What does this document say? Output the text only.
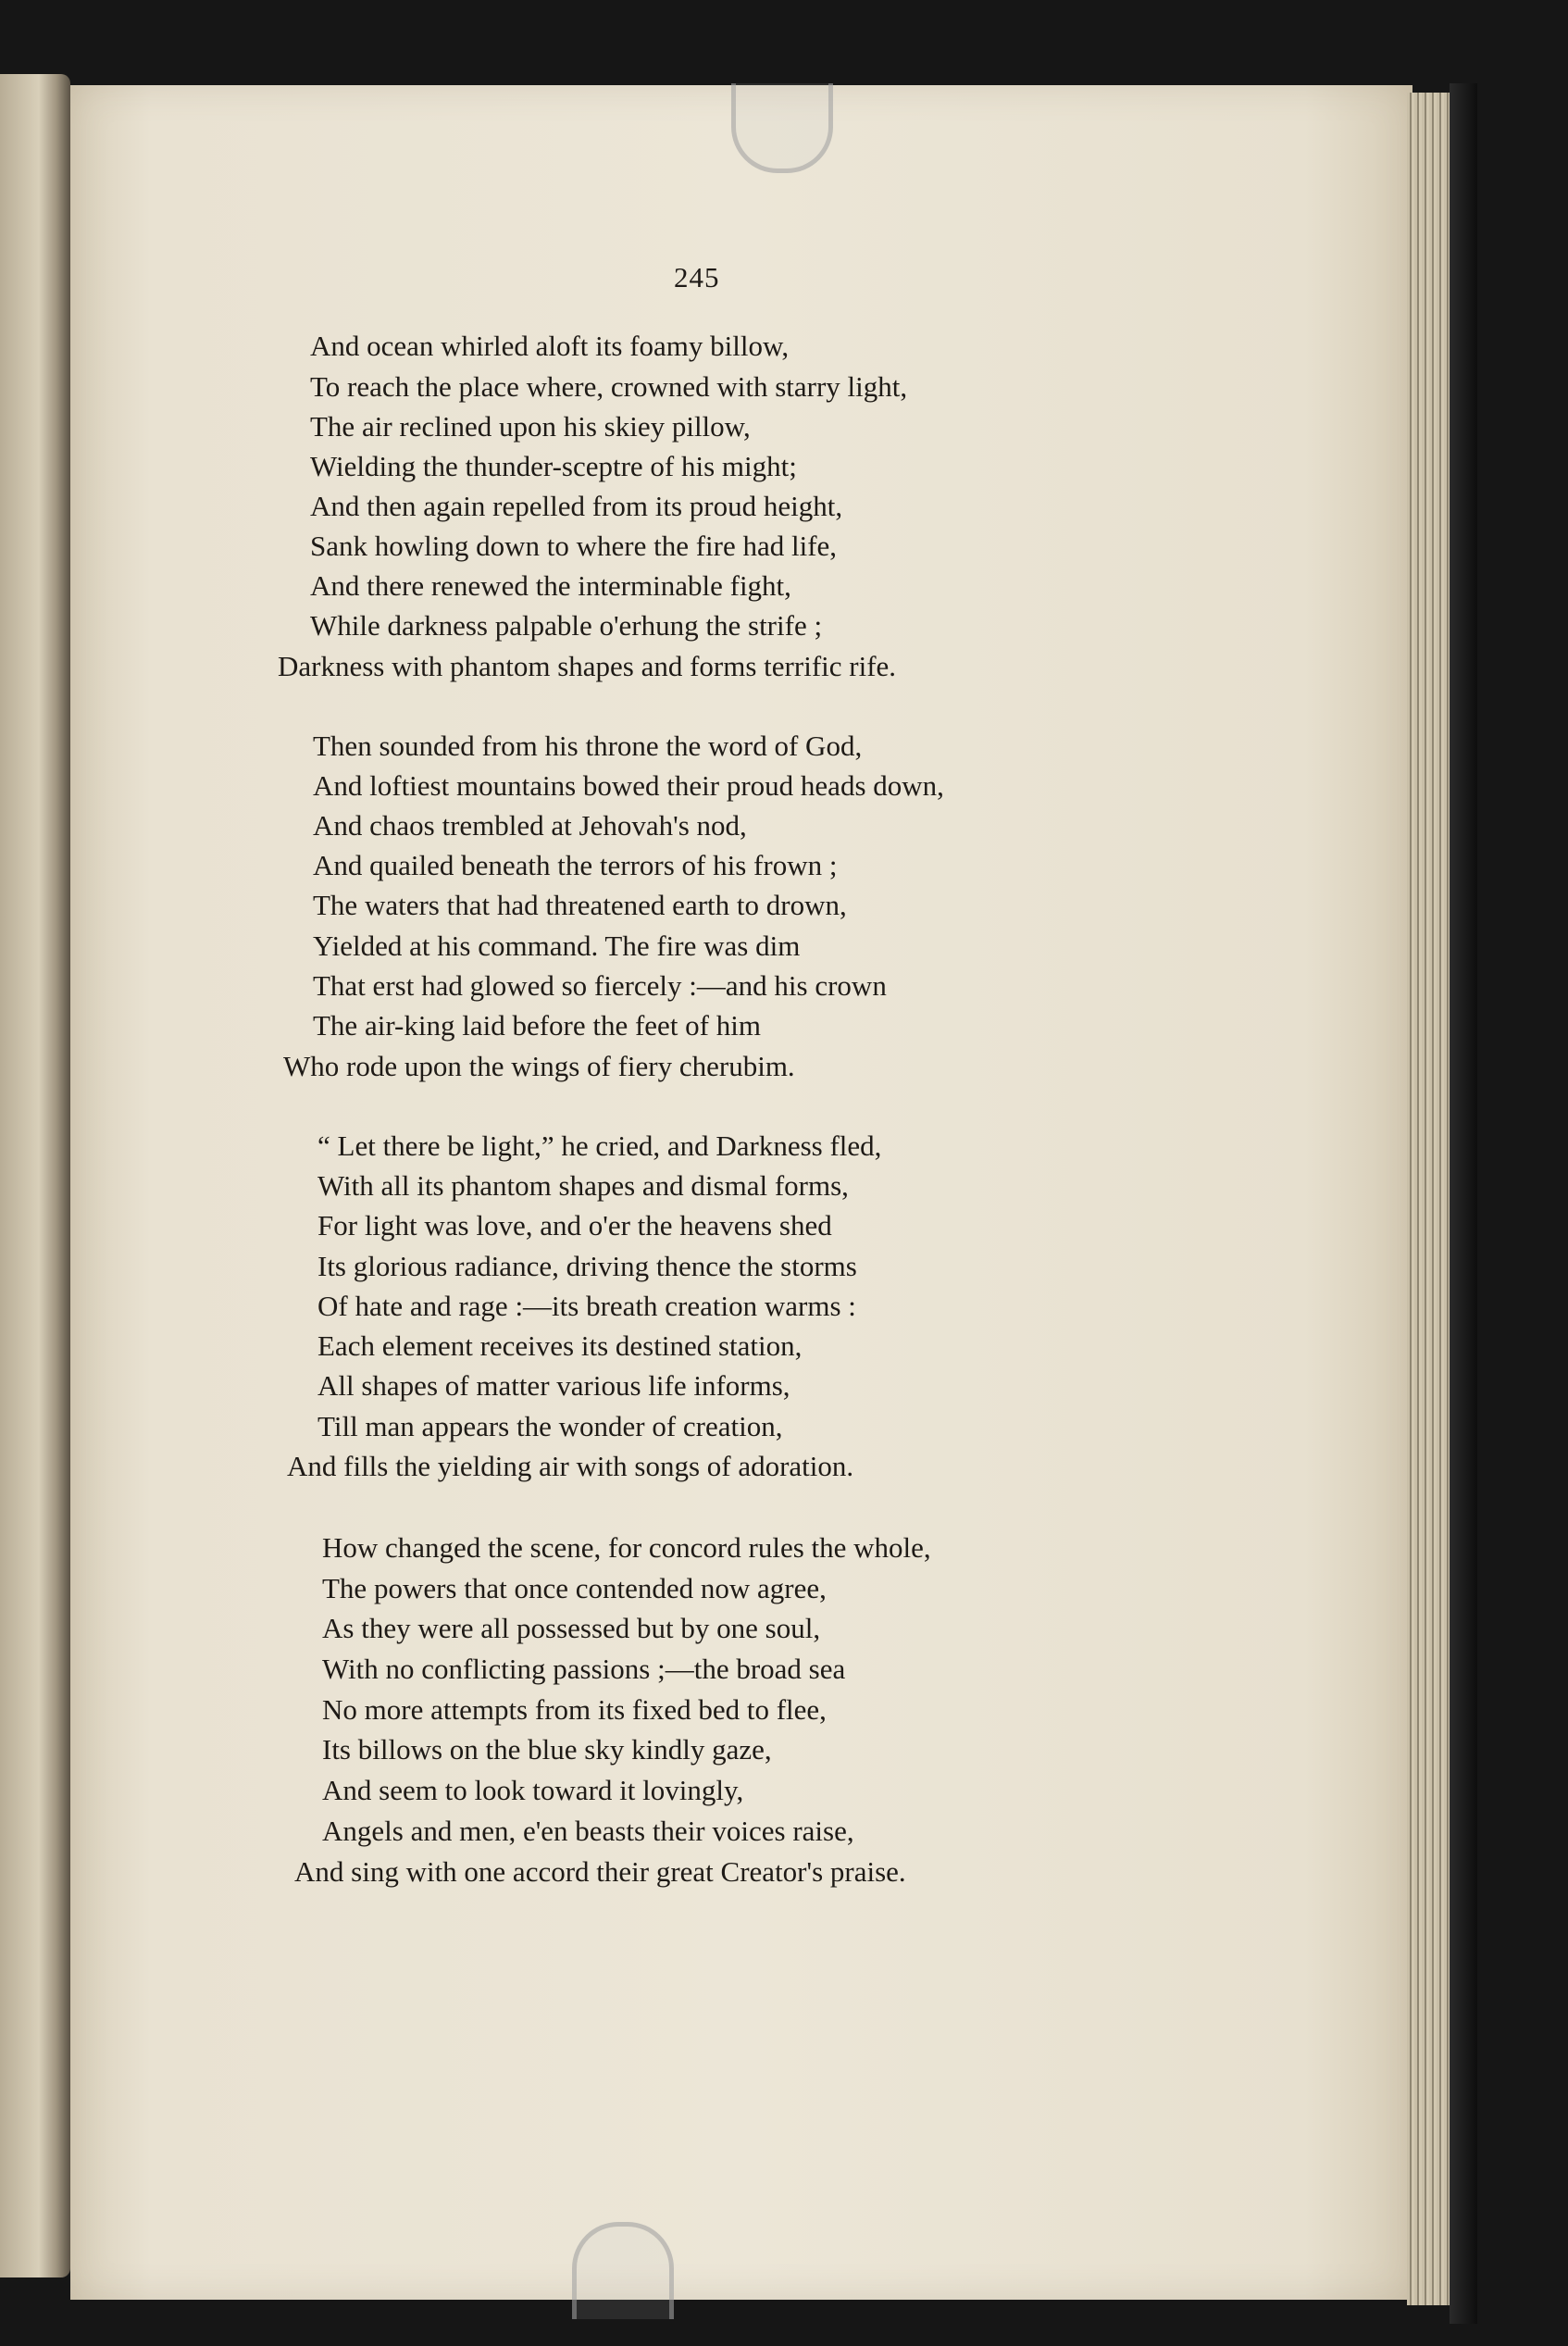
245
And ocean whirled aloft its foamy billow,
To reach the place where, crowned with starry light,
The air reclined upon his skiey pillow,
Wielding the thunder-sceptre of his might;
And then again repelled from its proud height,
Sank howling down to where the fire had life,
And there renewed the interminable fight,
While darkness palpable o'erhung the strife ;
Darkness with phantom shapes and forms terrific rife.
Then sounded from his throne the word of God,
And loftiest mountains bowed their proud heads down,
And chaos trembled at Jehovah's nod,
And quailed beneath the terrors of his frown ;
The waters that had threatened earth to drown,
Yielded at his command. The fire was dim
That erst had glowed so fiercely :—and his crown
The air-king laid before the feet of him
Who rode upon the wings of fiery cherubim.
“ Let there be light,” he cried, and Darkness fled,
With all its phantom shapes and dismal forms,
For light was love, and o'er the heavens shed
Its glorious radiance, driving thence the storms
Of hate and rage :—its breath creation warms :
Each element receives its destined station,
All shapes of matter various life informs,
Till man appears the wonder of creation,
And fills the yielding air with songs of adoration.
How changed the scene, for concord rules the whole,
The powers that once contended now agree,
As they were all possessed but by one soul,
With no conflicting passions ;—the broad sea
No more attempts from its fixed bed to flee,
Its billows on the blue sky kindly gaze,
And seem to look toward it lovingly,
Angels and men, e'en beasts their voices raise,
And sing with one accord their great Creator's praise.
